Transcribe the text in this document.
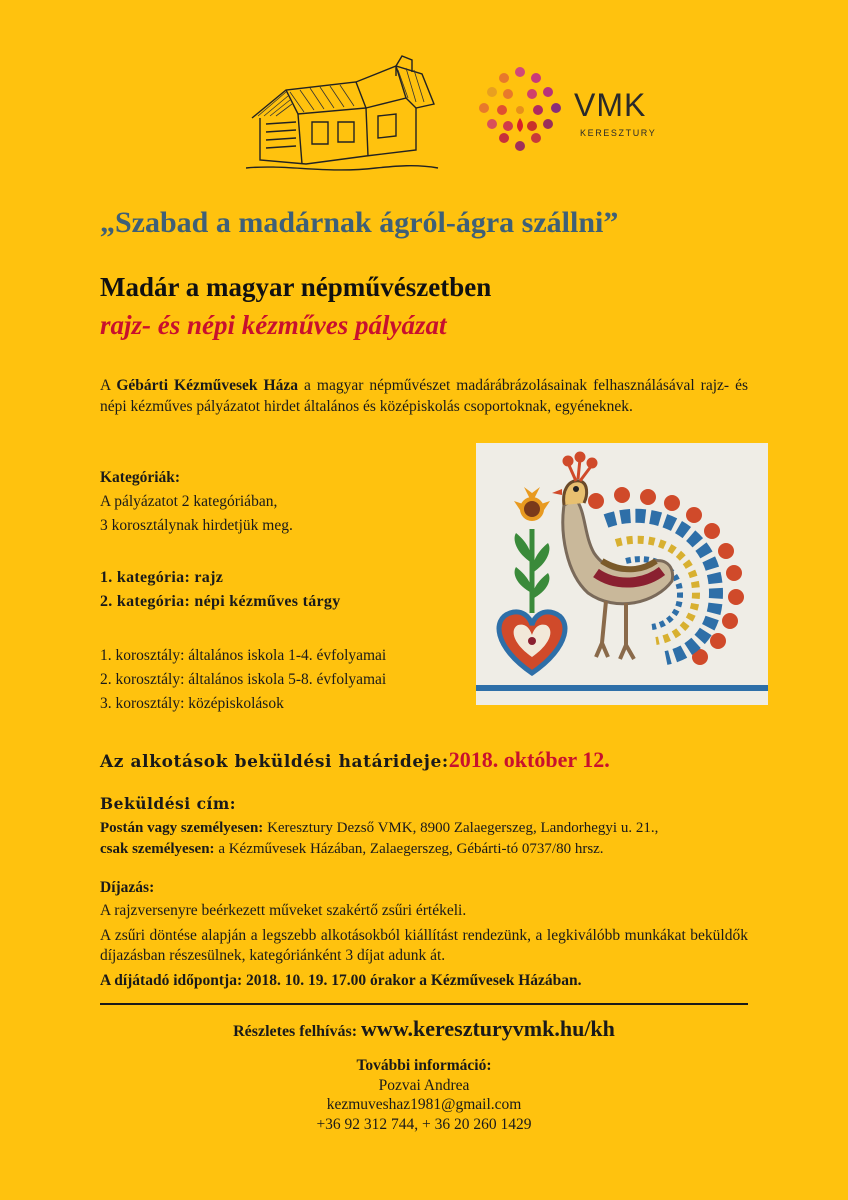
VMK
KERESZTURY
„Szabad a madárnak ágról-ágra szállni”
Madár a magyar népművészetben
rajz- és népi kézműves pályázat
A Gébárti Kézművesek Háza a magyar népművészet madárábrázolásainak felhasználásával rajz- és népi kézműves pályázatot hirdet általános és középiskolás csoportoknak, egyéneknek.
Kategóriák:
A pályázatot 2 kategóriában,
3 korosztálynak hirdetjük meg.
1. kategória: rajz
2. kategória: népi kézműves tárgy
1. korosztály: általános iskola 1-4. évfolyamai
2. korosztály: általános iskola 5-8. évfolyamai
3. korosztály: középiskolások
Az alkotások beküldési határideje:2018. október 12.
Beküldési cím:
Postán vagy személyesen: Keresztury Dezső VMK, 8900 Zalaegerszeg, Landorhegyi u. 21.,
csak személyesen: a Kézművesek Házában, Zalaegerszeg, Gébárti-tó 0737/80 hrsz.
Díjazás:

A rajzversenyre beérkezett műveket szakértő zsűri értékeli.

A zsűri döntése alapján a legszebb alkotásokból kiállítást rendezünk, a legkiválóbb munkákat beküldők díjazásban részesülnek, kategóriánként 3 díjat adunk át.

A díjátadó időpontja: 2018. 10. 19. 17.00 órakor a Kézművesek Házában.

Részletes felhívás: www.kereszturyvmk.hu/kh
További információ:
Pozvai Andrea
kezmuveshaz1981@gmail.com
+36 92 312 744, + 36 20 260 1429
